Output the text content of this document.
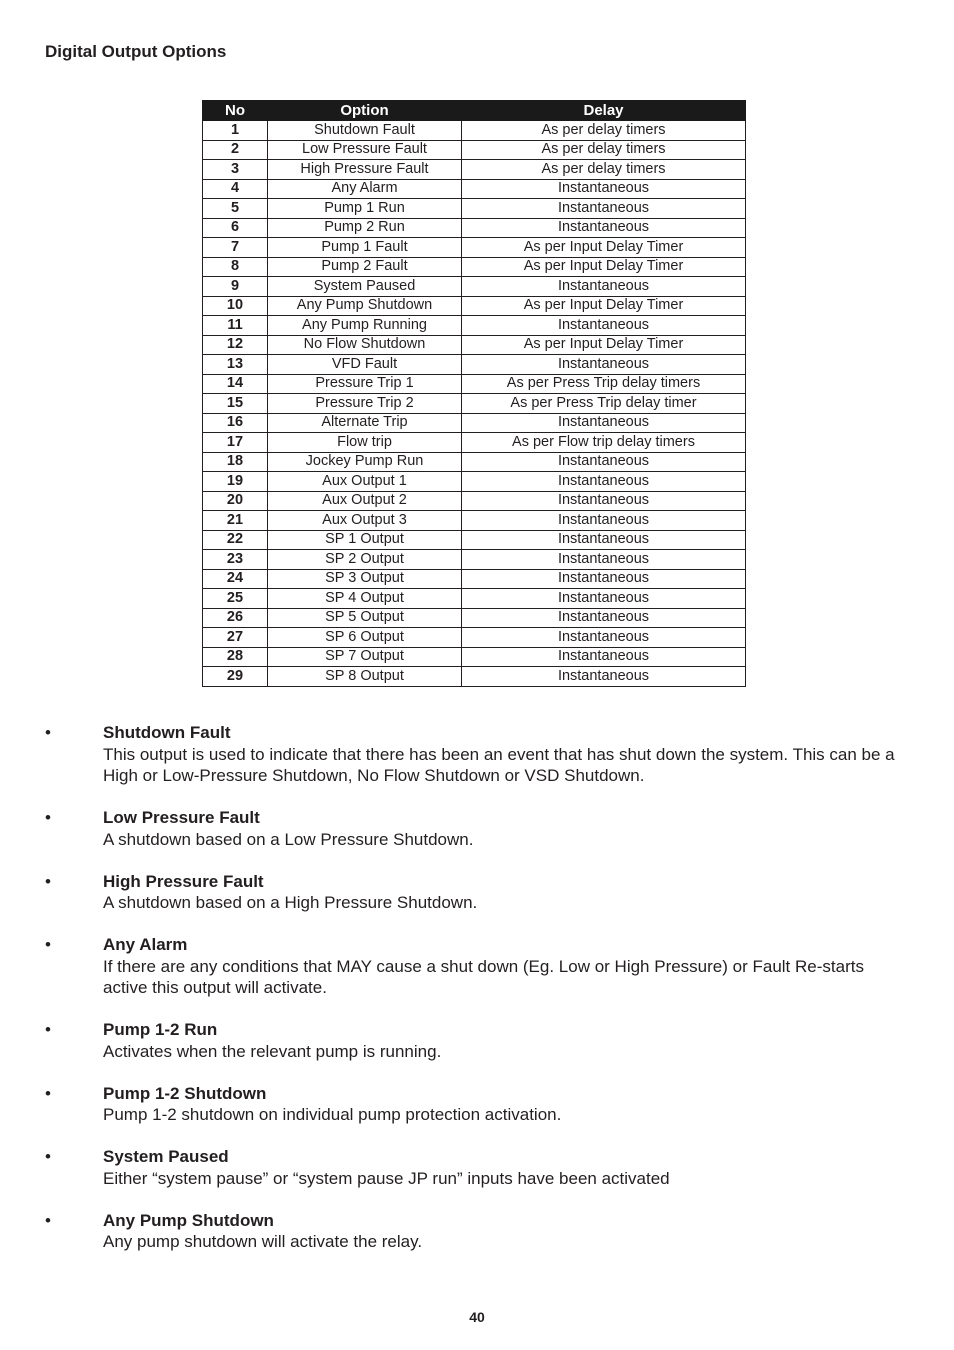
Digital Output Options
No	Option	Delay
1	Shutdown Fault	As per delay timers
2	Low Pressure Fault	As per delay timers
3	High Pressure Fault	As per delay timers
4	Any Alarm	Instantaneous
5	Pump 1 Run	Instantaneous
6	Pump 2 Run	Instantaneous
7	Pump 1 Fault	As per Input Delay Timer
8	Pump 2 Fault	As per Input Delay Timer
9	System Paused	Instantaneous
10	Any Pump Shutdown	As per Input Delay Timer
11	Any Pump Running	Instantaneous
12	No Flow Shutdown	As per Input Delay Timer
13	VFD Fault	Instantaneous
14	Pressure Trip 1	As per Press Trip delay timers
15	Pressure Trip 2	As per Press Trip delay timer
16	Alternate Trip	Instantaneous
17	Flow trip	As per Flow trip delay timers
18	Jockey Pump Run	Instantaneous
19	Aux Output 1	Instantaneous
20	Aux Output 2	Instantaneous
21	Aux Output 3	Instantaneous
22	SP 1 Output	Instantaneous
23	SP 2 Output	Instantaneous
24	SP 3 Output	Instantaneous
25	SP 4 Output	Instantaneous
26	SP 5 Output	Instantaneous
27	SP 6 Output	Instantaneous
28	SP 7 Output	Instantaneous
29	SP 8 Output	Instantaneous
•	Shutdown Fault
This output is used to indicate that there has been an event that has shut down the system. This can be a High or Low-Pressure Shutdown, No Flow Shutdown or VSD Shutdown.
•	Low Pressure Fault
A shutdown based on a Low Pressure Shutdown.
•	High Pressure Fault
A shutdown based on a High Pressure Shutdown.
•	Any Alarm
If there are any conditions that MAY cause a shut down (Eg. Low or High Pressure) or Fault Re-starts active this output will activate.
•	Pump 1-2 Run
Activates when the relevant pump is running.
•	Pump 1-2 Shutdown
Pump 1-2 shutdown on individual pump protection activation.
•	System Paused
Either “system pause” or “system pause JP run” inputs have been activated
•	Any Pump Shutdown
Any pump shutdown will activate the relay.
40
